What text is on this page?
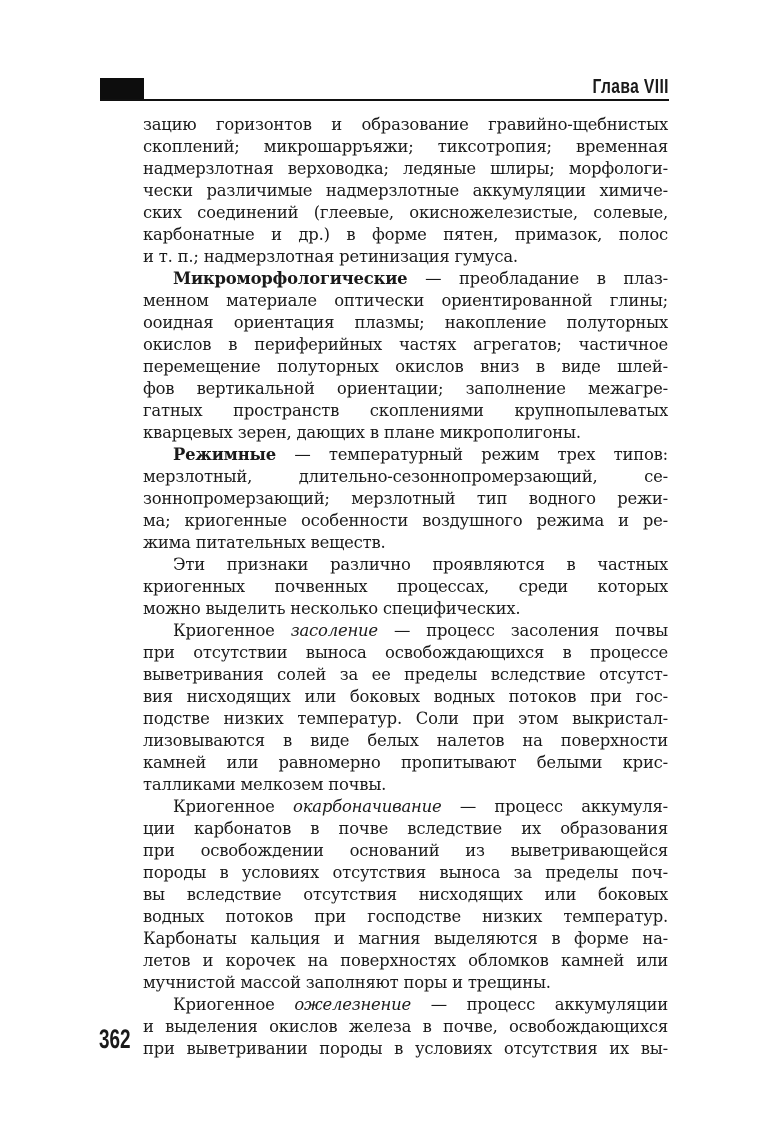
Глава VIII
зацию горизонтов и образование гравийно-щебнистых
скоплений; микрошарръяжи; тиксотропия; временная
надмерзлотная верховодка; ледяные шлиры; морфологи-
чески различимые надмерзлотные аккумуляции химиче-
ских соединений (глеевые, окисножелезистые, солевые,
карбонатные и др.) в форме пятен, примазок, полос
и т. п.; надмерзлотная ретинизация гумуса.
Микроморфологические — преобладание в плаз-
менном материале оптически ориентированной глины;
ооидная ориентация плазмы; накопление полуторных
окислов в периферийных частях агрегатов; частичное
перемещение полуторных окислов вниз в виде шлей-
фов вертикальной ориентации; заполнение межагре-
гатных пространств скоплениями крупнопылеватых
кварцевых зерен, дающих в плане микрополигоны.
Режимные — температурный режим трех типов:
мерзлотный, длительно-сезоннопромерзающий, се-
зоннопромерзающий; мерзлотный тип водного режи-
ма; криогенные особенности воздушного режима и ре-
жима питательных веществ.
Эти признаки различно проявляются в частных
криогенных почвенных процессах, среди которых
можно выделить несколько специфических.
Криогенное засоление — процесс засоления почвы
при отсутствии выноса освобождающихся в процессе
выветривания солей за ее пределы вследствие отсутст-
вия нисходящих или боковых водных потоков при гос-
подстве низких температур. Соли при этом выкристал-
лизовываются в виде белых налетов на поверхности
камней или равномерно пропитывают белыми крис-
талликами мелкозем почвы.
Криогенное окарбоначивание — процесс аккумуля-
ции карбонатов в почве вследствие их образования
при освобождении оснований из выветривающейся
породы в условиях отсутствия выноса за пределы поч-
вы вследствие отсутствия нисходящих или боковых
водных потоков при господстве низких температур.
Карбонаты кальция и магния выделяются в форме на-
летов и корочек на поверхностях обломков камней или
мучнистой массой заполняют поры и трещины.
Криогенное ожелезнение — процесс аккумуляции
и выделения окислов железа в почве, освобождающихся
при выветривании породы в условиях отсутствия их вы-
362
